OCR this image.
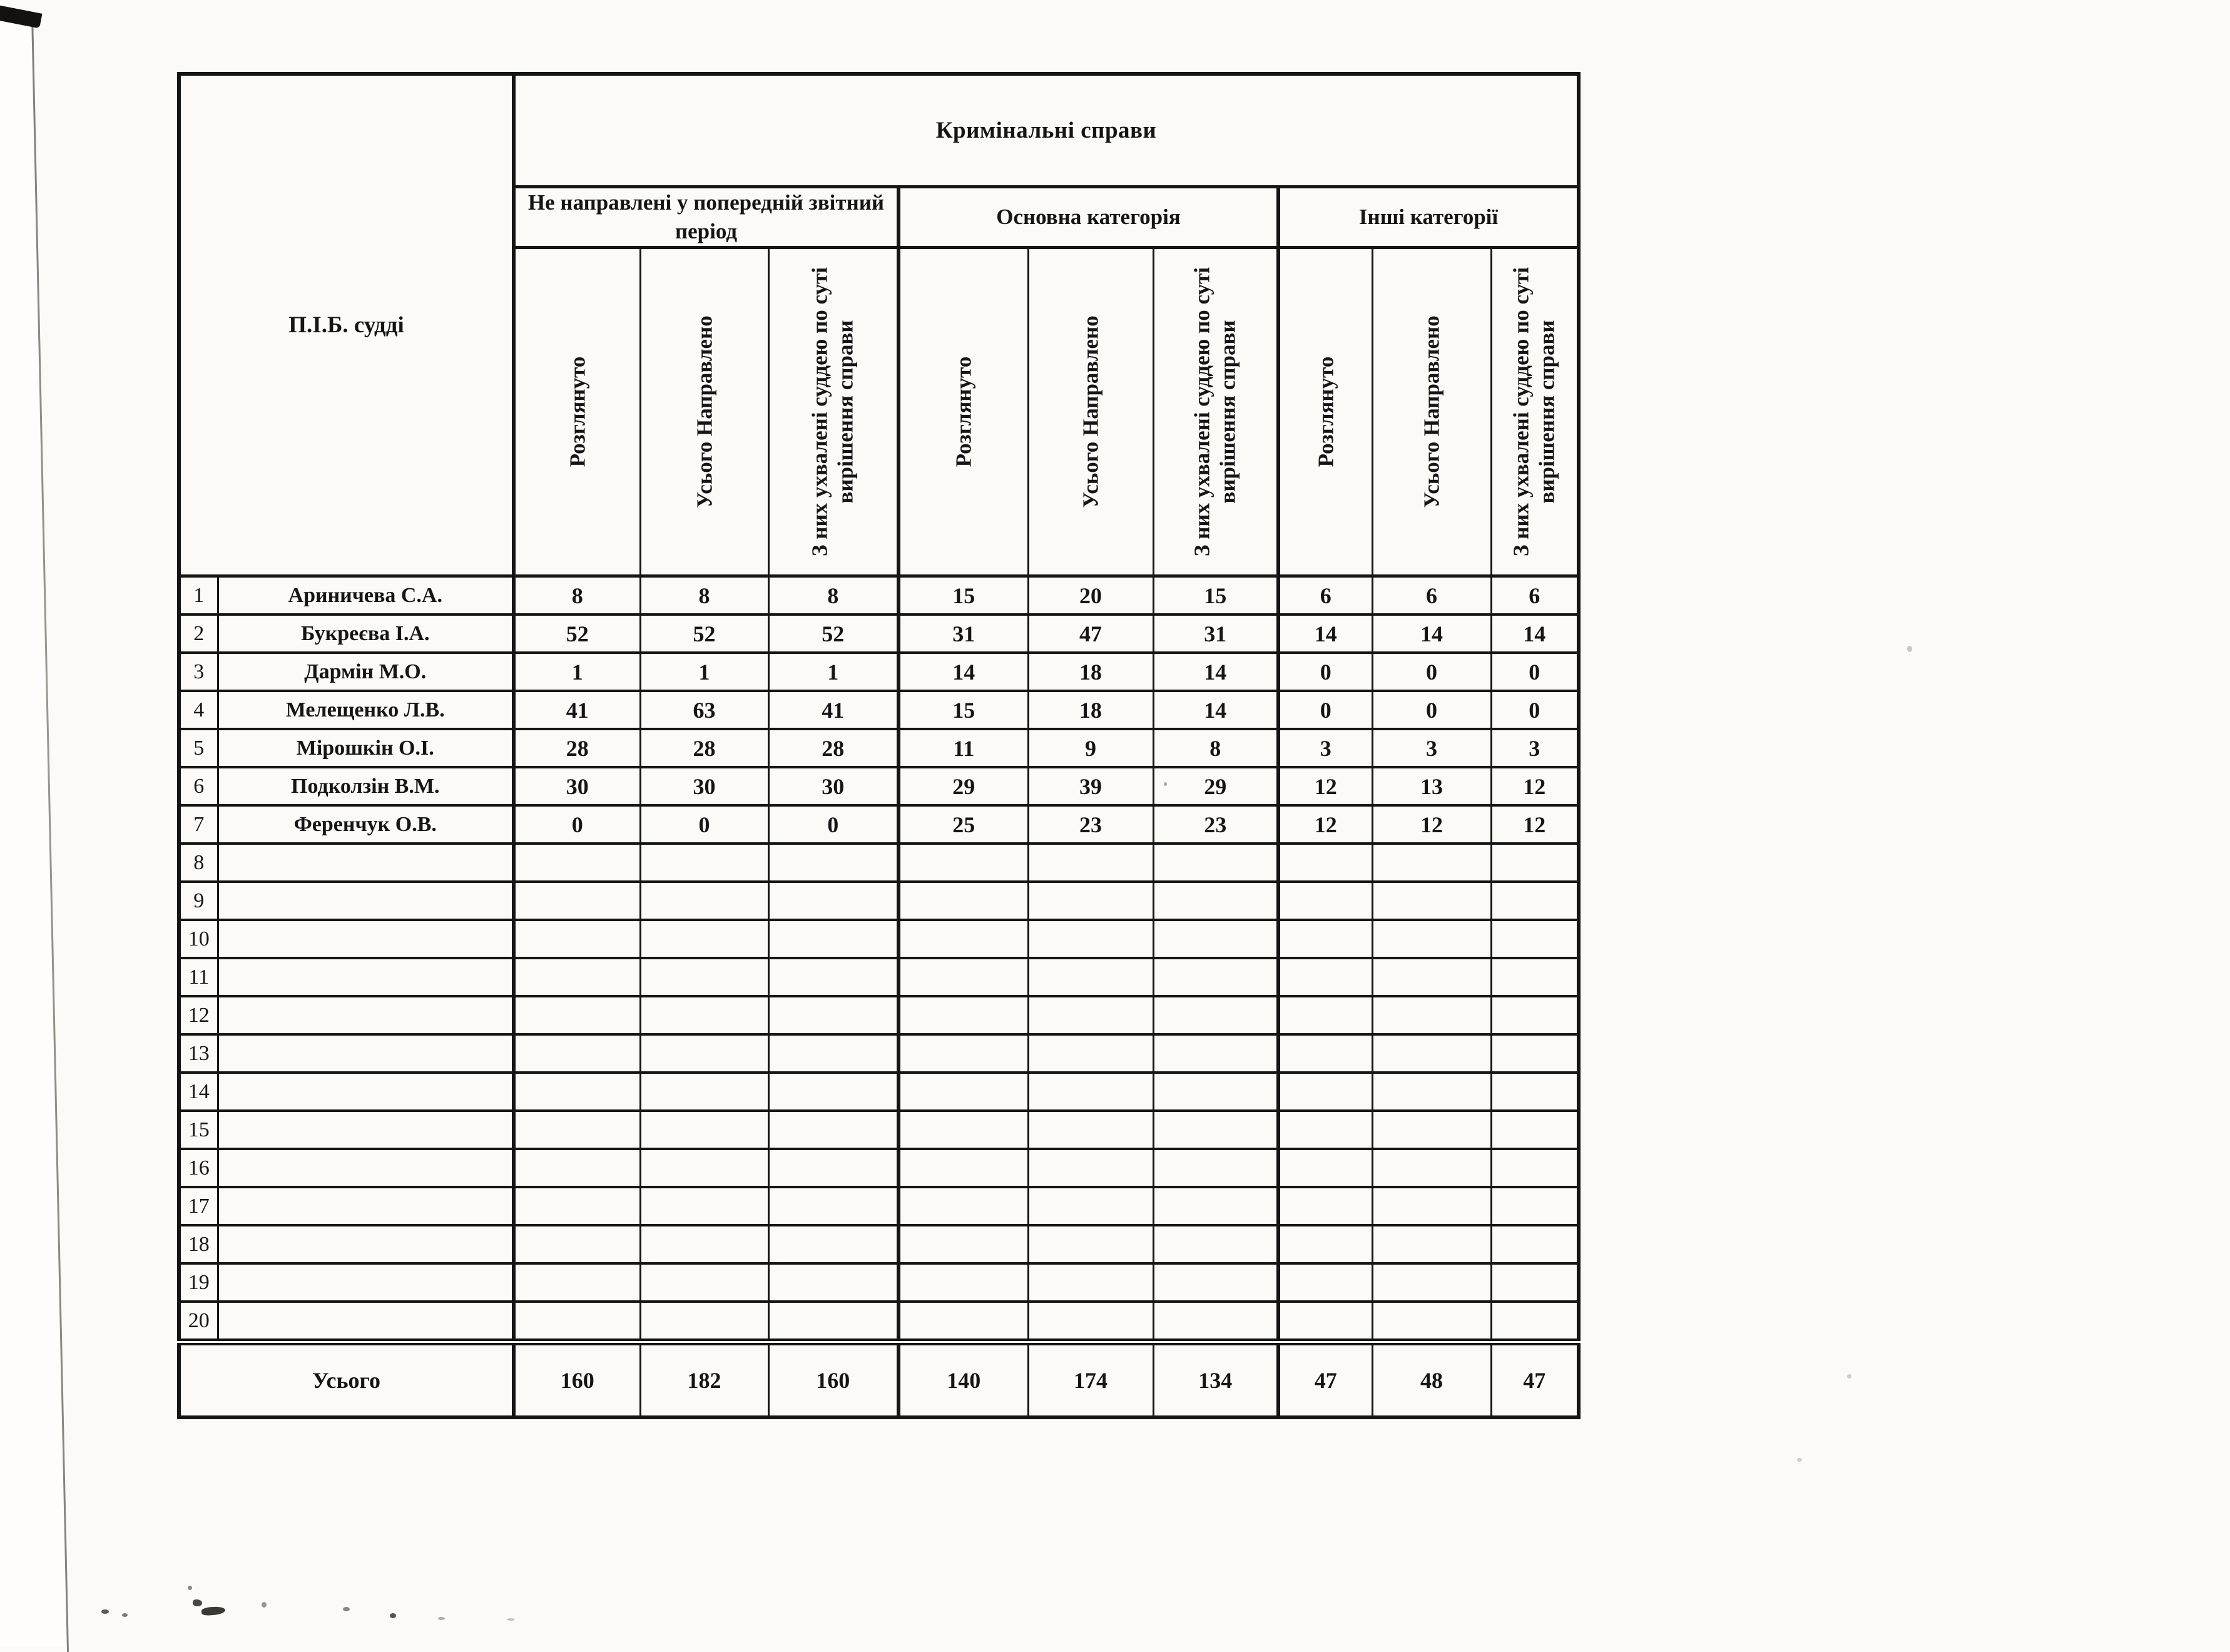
П.І.Б. судді		Кримінальні справи								
		Не направлені у попередній звітний період			Основна категорія			Інші категорії		

		Розглянуто	Усього Направлено	З них ухвалені суддею по суті вирішення справи	Розглянуто	Усього Направлено	З них ухвалені суддею по суті вирішення справи	Розглянуто	Усього Направлено	З них ухвалені суддею по суті вирішення справи

1	Ариничева С.А.	8	8	8	15	20	15	6	6	6
2	Букреєва І.А.	52	52	52	31	47	31	14	14	14
3	Дармін М.О.	1	1	1	14	18	14	0	0	0
4	Мелещенко Л.В.	41	63	41	15	18	14	0	0	0
5	Мірошкін О.І.	28	28	28	11	9	8	3	3	3
6	Подколзін В.М.	30	30	30	29	39	29	12	13	12
7	Ференчук О.В.	0	0	0	25	23	23	12	12	12
8										
9										
10										
11										
12										
13										
14										
15										
16										
17										
18										
19										
20										
Усього		160	182	160	140	174	134	47	48	47
